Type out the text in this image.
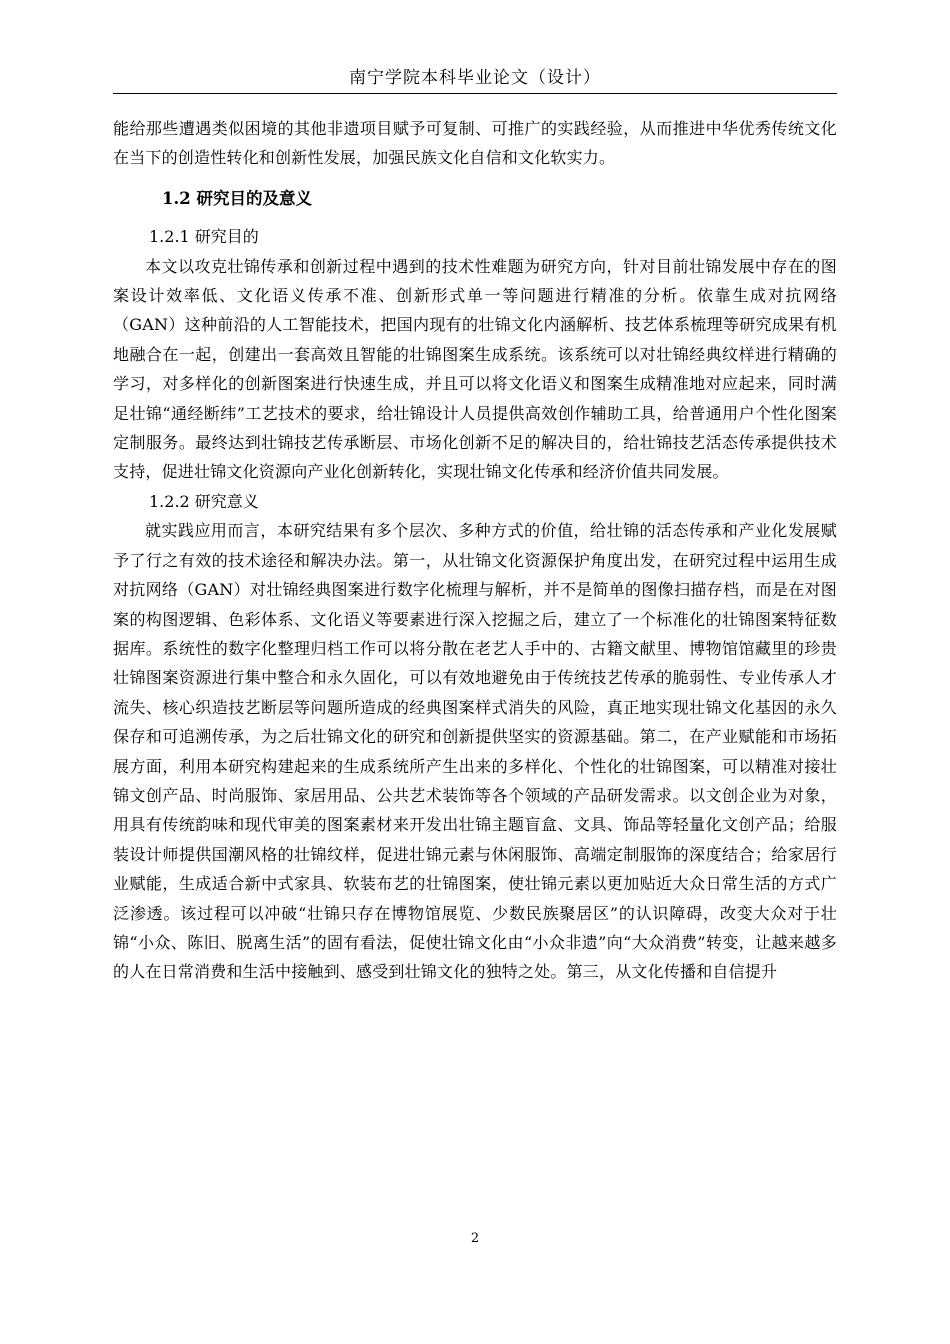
南宁学院本科毕业论文（设计）

能给那些遭遇类似困境的其他非遗项目赋予可复制、可推广的实践经验，从而推进中华优秀传统文化在当下的创造性转化和创新性发展，加强民族文化自信和文化软实力。

1.2 研究目的及意义
1.2.1 研究目的

本文以攻克壮锦传承和创新过程中遇到的技术性难题为研究方向，针对目前壮锦发展中存在的图案设计效率低、文化语义传承不准、创新形式单一等问题进行精准的分析。依靠生成对抗网络（GAN）这种前沿的人工智能技术，把国内现有的壮锦文化内涵解析、技艺体系梳理等研究成果有机地融合在一起，创建出一套高效且智能的壮锦图案生成系统。该系统可以对壮锦经典纹样进行精确的学习，对多样化的创新图案进行快速生成，并且可以将文化语义和图案生成精准地对应起来，同时满足壮锦“通经断纬”工艺技术的要求，给壮锦设计人员提供高效创作辅助工具，给普通用户个性化图案定制服务。最终达到壮锦技艺传承断层、市场化创新不足的解决目的，给壮锦技艺活态传承提供技术支持，促进壮锦文化资源向产业化创新转化，实现壮锦文化传承和经济价值共同发展。

1.2.2 研究意义

就实践应用而言，本研究结果有多个层次、多种方式的价值，给壮锦的活态传承和产业化发展赋予了行之有效的技术途径和解决办法。第一，从壮锦文化资源保护角度出发，在研究过程中运用生成对抗网络（GAN）对壮锦经典图案进行数字化梳理与解析，并不是简单的图像扫描存档，而是在对图案的构图逻辑、色彩体系、文化语义等要素进行深入挖掘之后，建立了一个标准化的壮锦图案特征数据库。系统性的数字化整理归档工作可以将分散在老艺人手中的、古籍文献里、博物馆馆藏里的珍贵壮锦图案资源进行集中整合和永久固化，可以有效地避免由于传统技艺传承的脆弱性、专业传承人才流失、核心织造技艺断层等问题所造成的经典图案样式消失的风险，真正地实现壮锦文化基因的永久保存和可追溯传承，为之后壮锦文化的研究和创新提供坚实的资源基础。第二，在产业赋能和市场拓展方面，利用本研究构建起来的生成系统所产生出来的多样化、个性化的壮锦图案，可以精准对接壮锦文创产品、时尚服饰、家居用品、公共艺术装饰等各个领域的产品研发需求。以文创企业为对象，用具有传统韵味和现代审美的图案素材来开发出壮锦主题盲盒、文具、饰品等轻量化文创产品；给服装设计师提供国潮风格的壮锦纹样，促进壮锦元素与休闲服饰、高端定制服饰的深度结合；给家居行业赋能，生成适合新中式家具、软装布艺的壮锦图案，使壮锦元素以更加贴近大众日常生活的方式广泛渗透。该过程可以冲破“壮锦只存在博物馆展览、少数民族聚居区”的认识障碍，改变大众对于壮锦“小众、陈旧、脱离生活”的固有看法，促使壮锦文化由“小众非遗”向“大众消费”转变，让越来越多的人在日常消费和生活中接触到、感受到壮锦文化的独特之处。第三，从文化传播和自信提升

2
